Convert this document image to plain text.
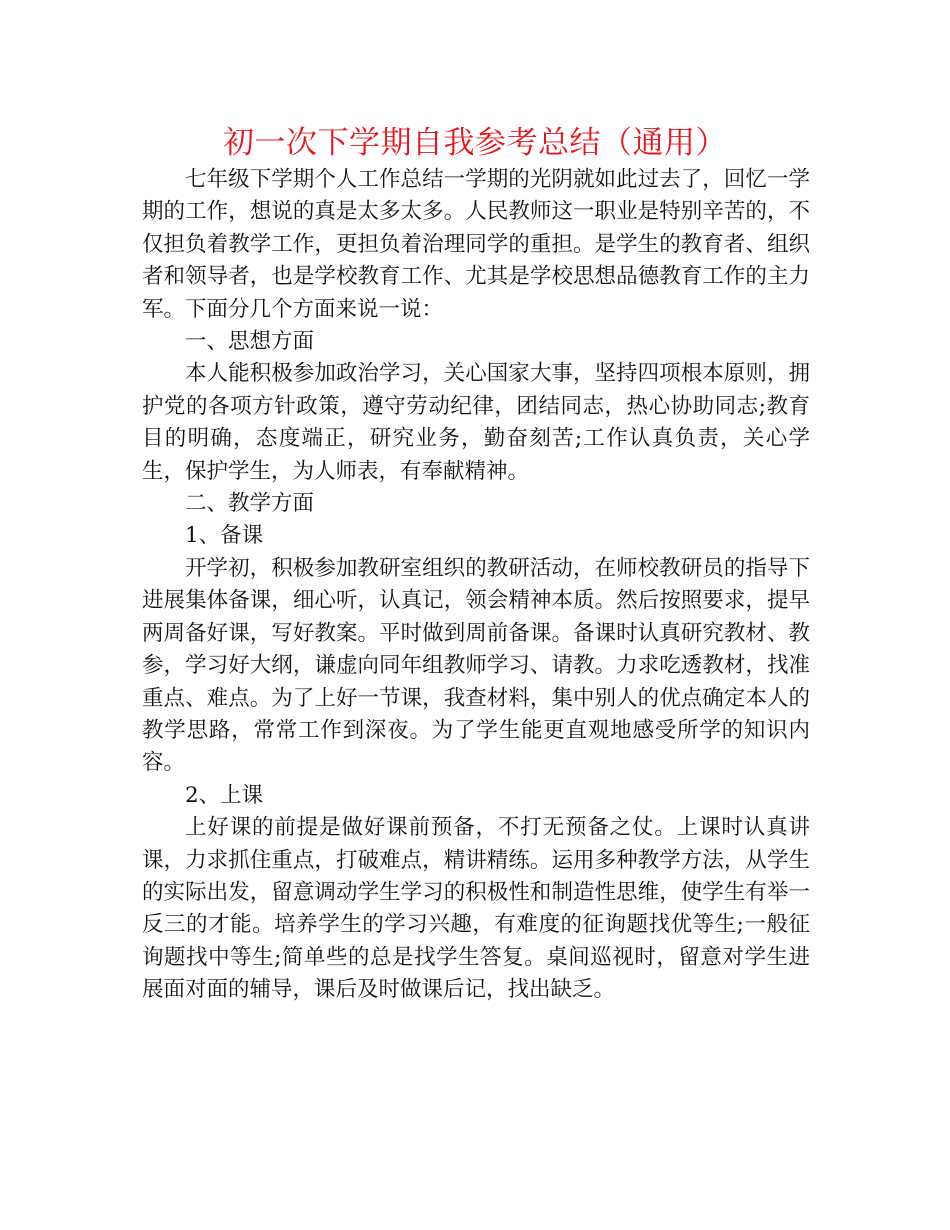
初一次下学期自我参考总结（通用）

七年级下学期个人工作总结一学期的光阴就如此过去了，回忆一学期的工作，想说的真是太多太多。人民教师这一职业是特别辛苦的，不仅担负着教学工作，更担负着治理同学的重担。是学生的教育者、组织者和领导者，也是学校教育工作、尤其是学校思想品德教育工作的主力军。下面分几个方面来说一说：

一、思想方面

本人能积极参加政治学习，关心国家大事，坚持四项根本原则，拥护党的各项方针政策，遵守劳动纪律，团结同志，热心协助同志;教育目的明确，态度端正，研究业务，勤奋刻苦;工作认真负责，关心学生，保护学生，为人师表，有奉献精神。

二、教学方面

1、备课

开学初，积极参加教研室组织的教研活动，在师校教研员的指导下进展集体备课，细心听，认真记，领会精神本质。然后按照要求，提早两周备好课，写好教案。平时做到周前备课。备课时认真研究教材、教参，学习好大纲，谦虚向同年组教师学习、请教。力求吃透教材，找准重点、难点。为了上好一节课，我查材料，集中别人的优点确定本人的教学思路，常常工作到深夜。为了学生能更直观地感受所学的知识内容。

2、上课

上好课的前提是做好课前预备，不打无预备之仗。上课时认真讲课，力求抓住重点，打破难点，精讲精练。运用多种教学方法，从学生的实际出发，留意调动学生学习的积极性和制造性思维，使学生有举一反三的才能。培养学生的学习兴趣，有难度的征询题找优等生;一般征询题找中等生;简单些的总是找学生答复。桌间巡视时，留意对学生进展面对面的辅导，课后及时做课后记，找出缺乏。
